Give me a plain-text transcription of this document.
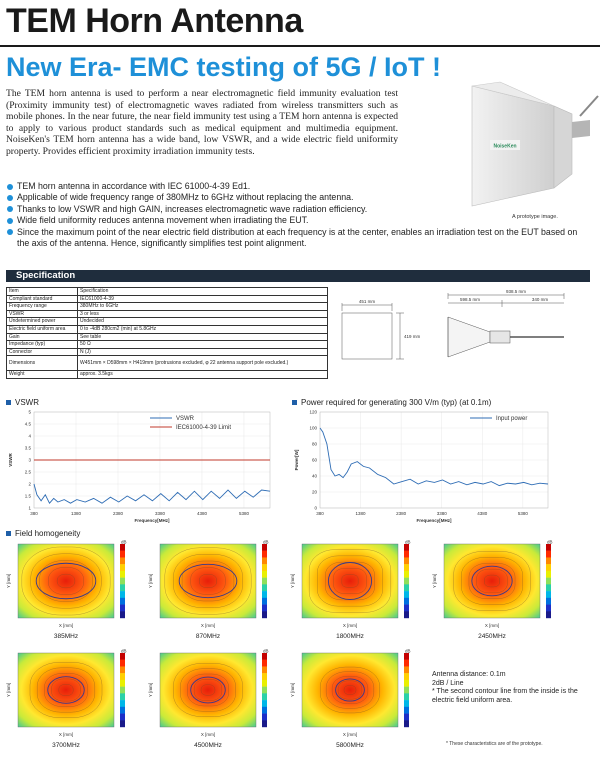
TEM Horn Antenna
New Era- EMC testing of 5G / IoT !
The TEM horn antenna is used to perform a near electromagnetic field immunity evaluation test (Proximity immunity test) of electromagnetic waves radiated from wireless transmitters such as mobile phones. In the near future, the near field immunity test using a TEM horn antenna is expected to apply to various product standards such as medical equipment and multimedia equipment. NoiseKen's TEM horn antenna has a wide band, low VSWR, and a wide electric field uniformity property. Provides efficient proximity irradiation immunity tests.	NoiseKen
A prototype image.
TEM horn antenna in accordance with IEC 61000-4-39 Ed1.
Applicable of wide frequency range of 380MHz to 6GHz without replacing the antenna.
Thanks to low VSWR and high GAIN, increases electromagnetic wave radiation efficiency.
Wide field uniformity reduces antenna movement when irradiating the EUT.
Since the maximum point of the near electric field distribution at each frequency is at the center, enables an irradiation test on the EUT based on the axis of the antenna. Hence, significantly simplifies test point alignment.
Specification
Item	Specification
Compliant standard	IEC61000-4-39
Frequency range	380MHz to 6GHz
VSWR	3 or less
Undetermined power	Undecided
Electric field uniform area	0 to -4dB 280cm2 (min) at 5.8GHz
Gain	See table
Impedance (typ)	50 Ω
Connector	N (J)
Dimensions	W451mm × D598mm × H419mm (protrusions excluded, φ 22 antenna support pole excluded.)
Weight	approx. 3.5kgs
451 mm
419 mm
938.5 mm
598.5 mm	340 mm
VSWR
1
1.5
2
2.5
3
3.5
4
4.5
5
380	1380	2380	3380	4380	5380
Frequency[MHz]
VSWR
VSWR
IEC61000-4-39 Limit
Power required for generating 300 V/m (typ) (at 0.1m)
0
20
40
60
80
100
120
380	1380	2380	3380	4380	5380
Frequency[MHz]
Power[W]
Input power
Field homogeneity
X [mm]
Y [mm]
dB
385MHz
X [mm]
Y [mm]
dB
870MHz
X [mm]
Y [mm]
dB
1800MHz
X [mm]
Y [mm]
dB
2450MHz
X [mm]
Y [mm]
dB
3700MHz
X [mm]
Y [mm]
dB
4500MHz
X [mm]
Y [mm]
dB
5800MHz
Antenna distance: 0.1m
2dB / Line
* The second contour line from the inside is the electric field uniform area.
* These characteristics are of the prototype.
